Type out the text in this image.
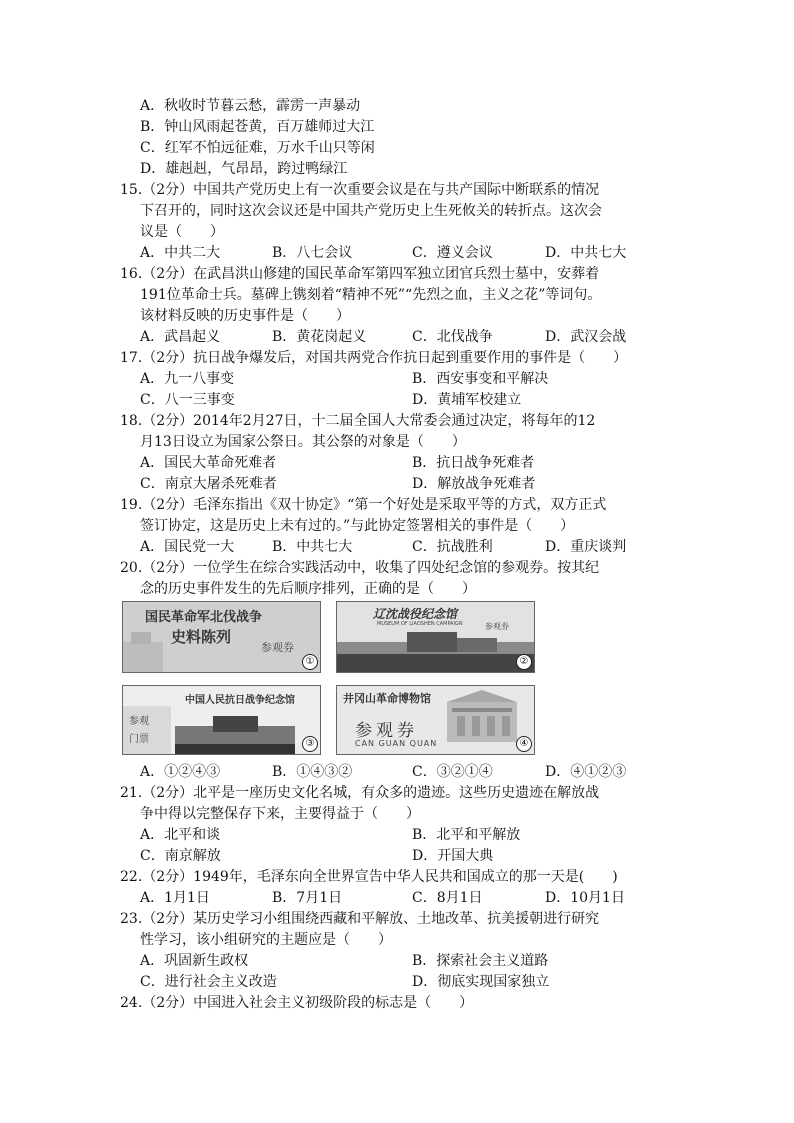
A．秋收时节暮云愁，霹雳一声暴动
B．钟山风雨起苍黄，百万雄师过大江
C．红军不怕远征难，万水千山只等闲
D．雄赳赳，气昂昂，跨过鸭绿江
15.（2分）中国共产党历史上有一次重要会议是在与共产国际中断联系的情况
下召开的，同时这次会议还是中国共产党历史上生死攸关的转折点。这次会
议是（　　）
A．中共二大	B．八七会议	C．遵义会议	D．中共七大
16.（2分）在武昌洪山修建的国民革命军第四军独立团官兵烈士墓中，安葬着
191位革命士兵。墓碑上镌刻着“精神不死”“先烈之血，主义之花”等词句。
该材料反映的历史事件是（　　）
A．武昌起义	B．黄花岗起义	C．北伐战争	D．武汉会战
17.（2分）抗日战争爆发后，对国共两党合作抗日起到重要作用的事件是（　　）
A．九一八事变	B．西安事变和平解决
C．八一三事变	D．黄埔军校建立
18.（2分）2014年2月27日，十二届全国人大常委会通过决定，将每年的12
月13日设立为国家公祭日。其公祭的对象是（　　）
A．国民大革命死难者	B．抗日战争死难者
C．南京大屠杀死难者	D．解放战争死难者
19.（2分）毛泽东指出《双十协定》“第一个好处是采取平等的方式，双方正式
签订协定，这是历史上未有过的。”与此协定签署相关的事件是（　　）
A．国民党一大	B．中共七大	C．抗战胜利	D．重庆谈判
20.（2分）一位学生在综合实践活动中，收集了四处纪念馆的参观券。按其纪
念的历史事件发生的先后顺序排列，正确的是（　　）
国民革命军北伐战争
史料陈列
参观券
①
辽沈战役纪念馆
MUSEUM OF LIAOSHEN CAMPAIGN	参观券
②
中国人民抗日战争纪念馆
参观
门票	③
井冈山革命博物馆
参观券
CAN GUAN QUAN	④
A．①②④③	B．①④③②	C．③②①④	D．④①②③
21.（2分）北平是一座历史文化名城，有众多的遗迹。这些历史遗迹在解放战
争中得以完整保存下来，主要得益于（　　）
A．北平和谈	B．北平和平解放
C．南京解放	D．开国大典
22.（2分）1949年，毛泽东向全世界宣告中华人民共和国成立的那一天是(　　)
A．1月1日	B．7月1日	C．8月1日	D．10月1日
23.（2分）某历史学习小组围绕西藏和平解放、土地改革、抗美援朝进行研究
性学习，该小组研究的主题应是（　　）
A．巩固新生政权	B．探索社会主义道路
C．进行社会主义改造	D．彻底实现国家独立
24.（2分）中国进入社会主义初级阶段的标志是（　　）
